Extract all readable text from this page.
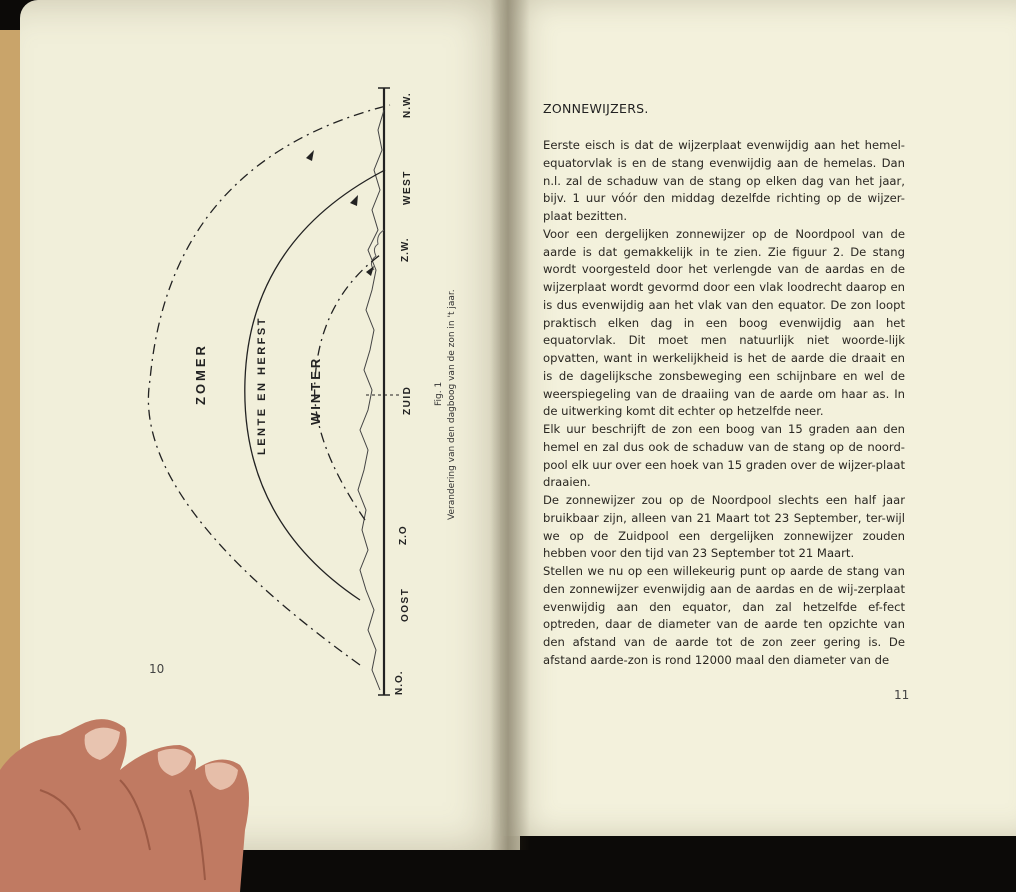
ZOMER	LENTE EN HERFST	WINTER
N.O.
OOST
Z.O
ZUID
Z.W.
WEST
N.W.
Fig. 1 Verandering van den dagboog van de zon in 't jaar.
10
ZONNEWIJZERS.

Eerste eisch is dat de wijzerplaat evenwijdig aan het hemel-equatorvlak is en de stang evenwijdig aan de hemelas. Dan n.l. zal de schaduw van de stang op elken dag van het jaar, bijv. 1 uur vóór den middag dezelfde richting op de wijzer-plaat bezitten.

Voor een dergelijken zonnewijzer op de Noordpool van de aarde is dat gemakkelijk in te zien. Zie figuur 2. De stang wordt voorgesteld door het verlengde van de aardas en de wijzerplaat wordt gevormd door een vlak loodrecht daarop en is dus evenwijdig aan het vlak van den equator. De zon loopt praktisch elken dag in een boog evenwijdig aan het equatorvlak. Dit moet men natuurlijk niet woorde-lijk opvatten, want in werkelijkheid is het de aarde die draait en is de dagelijksche zonsbeweging een schijnbare en wel de weerspiegeling van de draaiing van de aarde om haar as. In de uitwerking komt dit echter op hetzelfde neer.

Elk uur beschrijft de zon een boog van 15 graden aan den hemel en zal dus ook de schaduw van de stang op de noord-pool elk uur over een hoek van 15 graden over de wijzer-plaat draaien.

De zonnewijzer zou op de Noordpool slechts een half jaar bruikbaar zijn, alleen van 21 Maart tot 23 September, ter-wijl we op de Zuidpool een dergelijken zonnewijzer zouden hebben voor den tijd van 23 September tot 21 Maart.

Stellen we nu op een willekeurig punt op aarde de stang van den zonnewijzer evenwijdig aan de aardas en de wij-zerplaat evenwijdig aan den equator, dan zal hetzelfde ef-fect optreden, daar de diameter van de aarde ten opzichte van den afstand van de aarde tot de zon zeer gering is. De afstand aarde-zon is rond 12000 maal den diameter van de

11
